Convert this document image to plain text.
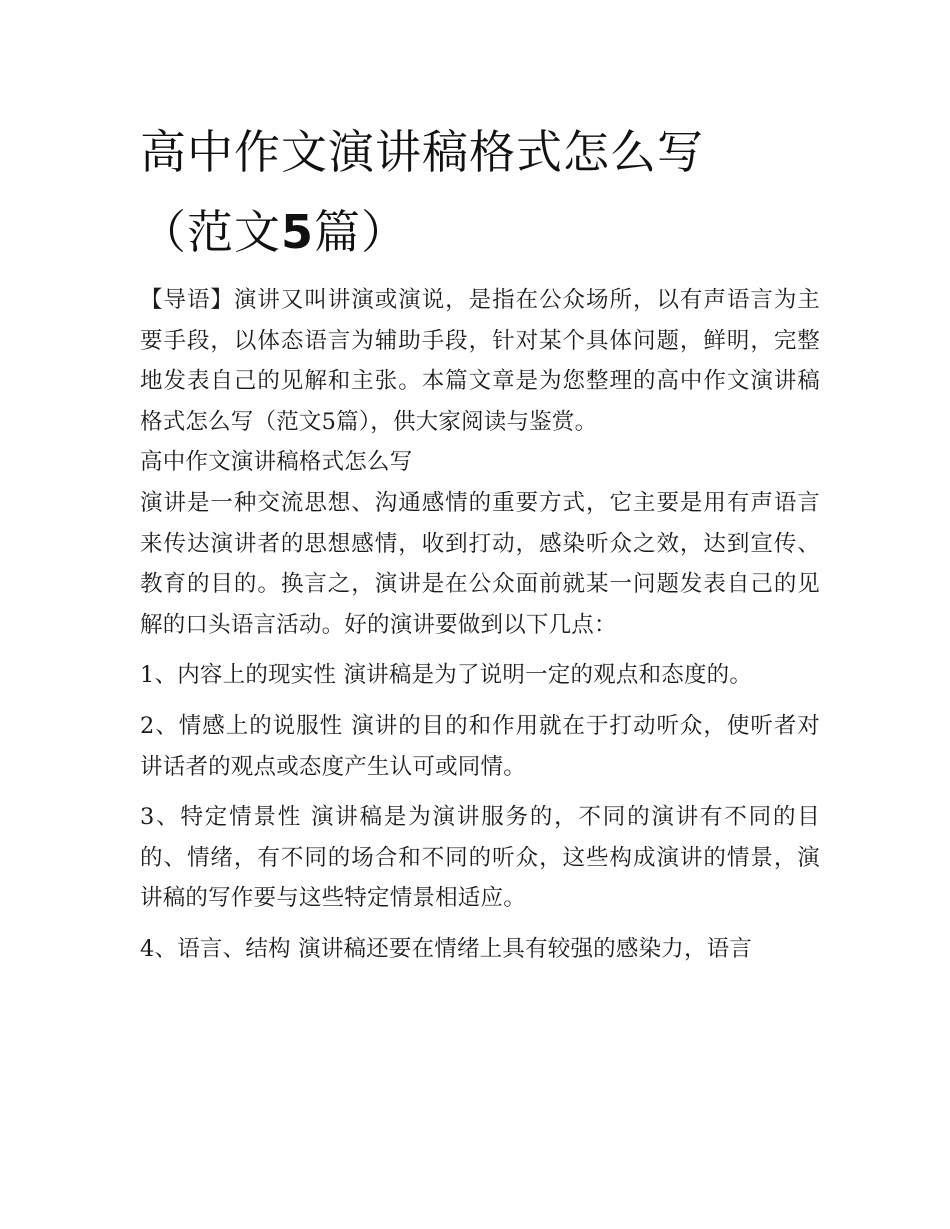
高中作文演讲稿格式怎么写
（范文5篇）

【导语】演讲又叫讲演或演说，是指在公众场所，以有声语言为主要手段，以体态语言为辅助手段，针对某个具体问题，鲜明，完整地发表自己的见解和主张。本篇文章是为您整理的高中作文演讲稿格式怎么写（范文5篇），供大家阅读与鉴赏。

高中作文演讲稿格式怎么写

演讲是一种交流思想、沟通感情的重要方式，它主要是用有声语言来传达演讲者的思想感情，收到打动，感染听众之效，达到宣传、教育的目的。换言之，演讲是在公众面前就某一问题发表自己的见解的口头语言活动。好的演讲要做到以下几点：

1、内容上的现实性 演讲稿是为了说明一定的观点和态度的。

2、情感上的说服性 演讲的目的和作用就在于打动听众，使听者对讲话者的观点或态度产生认可或同情。

3、特定情景性 演讲稿是为演讲服务的，不同的演讲有不同的目的、情绪，有不同的场合和不同的听众，这些构成演讲的情景，演讲稿的写作要与这些特定情景相适应。

4、语言、结构 演讲稿还要在情绪上具有较强的感染力，语言
